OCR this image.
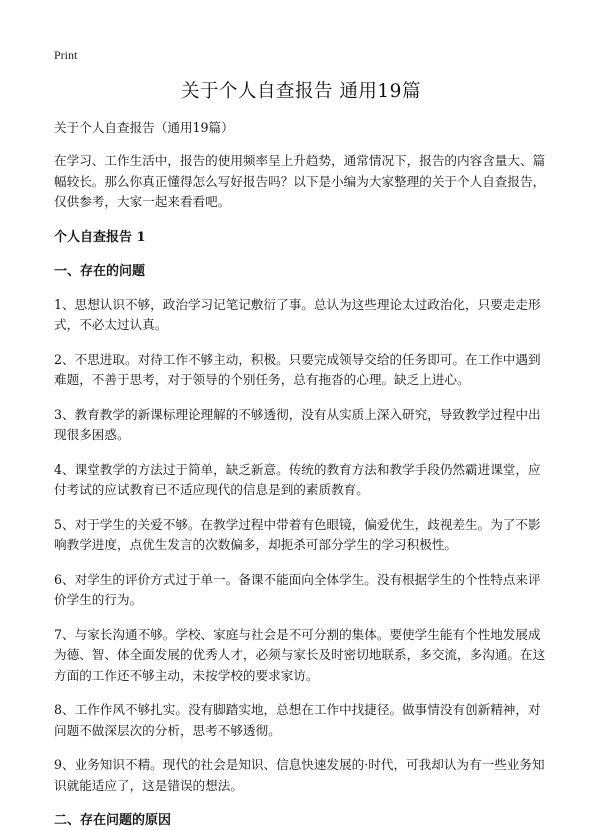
Print
关于个人自查报告 通用19篇

关于个人自查报告（通用19篇）

在学习、工作生活中，报告的使用频率呈上升趋势，通常情况下，报告的内容含量大、篇幅较长。那么你真正懂得怎么写好报告吗？以下是小编为大家整理的关于个人自查报告，仅供参考，大家一起来看看吧。

个人自查报告 1
一、存在的问题

1、思想认识不够，政治学习记笔记敷衍了事。总认为这些理论太过政治化，只要走走形式，不必太过认真。

2、不思进取。对待工作不够主动，积极。只要完成领导交给的任务即可。在工作中遇到难题，不善于思考，对于领导的个别任务，总有拖沓的心理。缺乏上进心。

3、教育教学的新课标理论理解的不够透彻，没有从实质上深入研究，导致教学过程中出现很多困惑。

4、课堂教学的方法过于简单，缺乏新意。传统的教育方法和教学手段仍然霸进课堂，应付考试的应试教育已不适应现代的信息是到的素质教育。

5、对于学生的关爱不够。在教学过程中带着有色眼镜，偏爱优生，歧视差生。为了不影响教学进度，点优生发言的次数偏多，却扼杀可部分学生的学习积极性。

6、对学生的评价方式过于单一。备课不能面向全体学生。没有根据学生的个性特点来评价学生的行为。

7、与家长沟通不够。学校、家庭与社会是不可分割的集体。要使学生能有个性地发展成为德、智、体全面发展的优秀人才，必须与家长及时密切地联系，多交流，多沟通。在这方面的工作还不够主动，未按学校的要求家访。

8、工作作风不够扎实。没有脚踏实地，总想在工作中找捷径。做事情没有创新精神，对问题不做深层次的分析，思考不够透彻。

9、业务知识不精。现代的社会是知识、信息快速发展的·时代，可我却认为有一些业务知识就能适应了，这是错误的想法。

二、存在问题的原因
